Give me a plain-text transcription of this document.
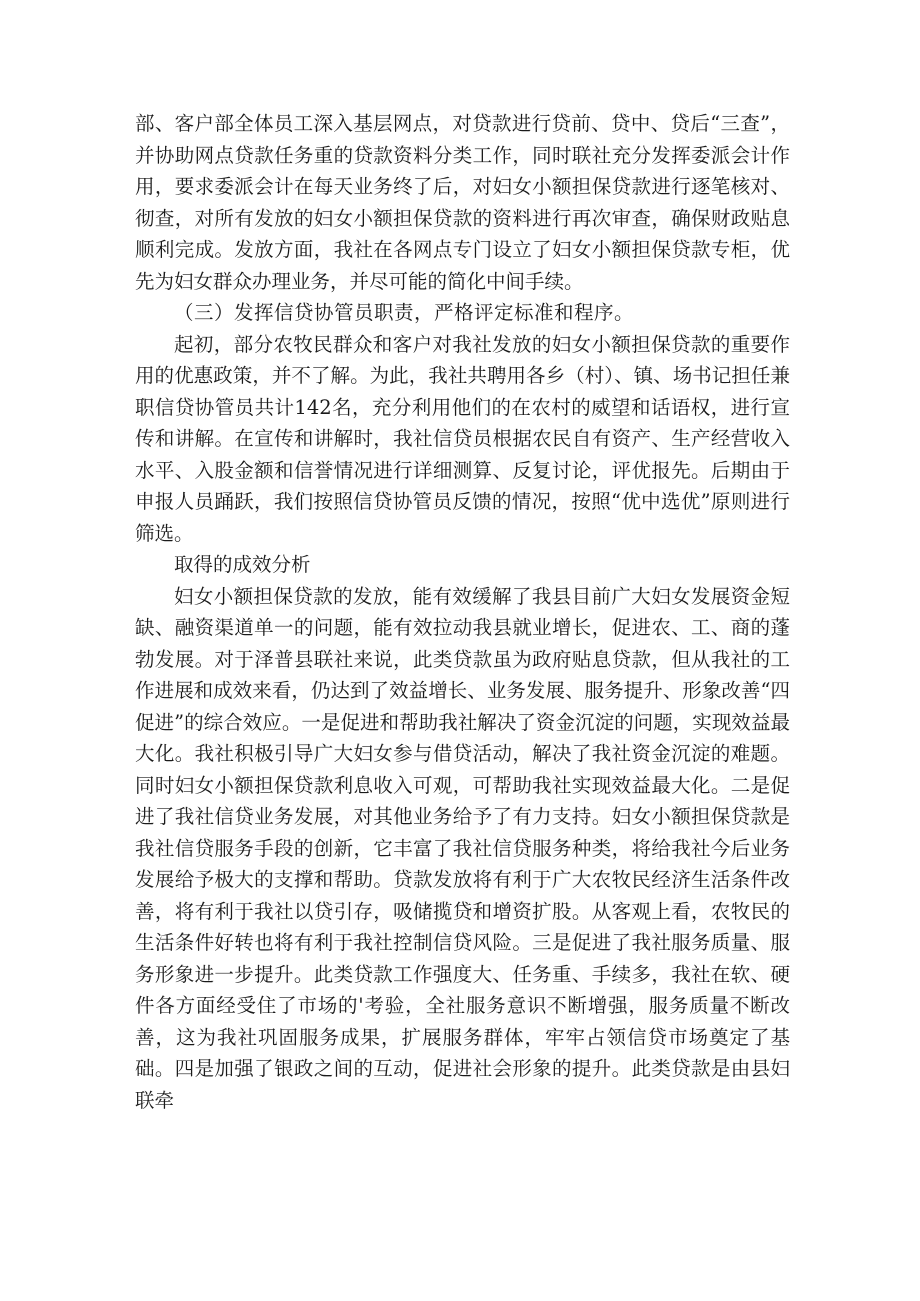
部、客户部全体员工深入基层网点，对贷款进行贷前、贷中、贷后“三查”，并协助网点贷款任务重的贷款资料分类工作，同时联社充分发挥委派会计作用，要求委派会计在每天业务终了后，对妇女小额担保贷款进行逐笔核对、彻查，对所有发放的妇女小额担保贷款的资料进行再次审查，确保财政贴息顺利完成。发放方面，我社在各网点专门设立了妇女小额担保贷款专柜，优先为妇女群众办理业务，并尽可能的简化中间手续。

（三）发挥信贷协管员职责，严格评定标准和程序。

起初，部分农牧民群众和客户对我社发放的妇女小额担保贷款的重要作用的优惠政策，并不了解。为此，我社共聘用各乡（村）、镇、场书记担任兼职信贷协管员共计142名，充分利用他们的在农村的威望和话语权，进行宣传和讲解。在宣传和讲解时，我社信贷员根据农民自有资产、生产经营收入水平、入股金额和信誉情况进行详细测算、反复讨论，评优报先。后期由于申报人员踊跃，我们按照信贷协管员反馈的情况，按照“优中选优”原则进行筛选。

取得的成效分析

妇女小额担保贷款的发放，能有效缓解了我县目前广大妇女发展资金短缺、融资渠道单一的问题，能有效拉动我县就业增长，促进农、工、商的蓬勃发展。对于泽普县联社来说，此类贷款虽为政府贴息贷款，但从我社的工作进展和成效来看，仍达到了效益增长、业务发展、服务提升、形象改善“四促进”的综合效应。一是促进和帮助我社解决了资金沉淀的问题，实现效益最大化。我社积极引导广大妇女参与借贷活动，解决了我社资金沉淀的难题。同时妇女小额担保贷款利息收入可观，可帮助我社实现效益最大化。二是促进了我社信贷业务发展，对其他业务给予了有力支持。妇女小额担保贷款是我社信贷服务手段的创新，它丰富了我社信贷服务种类，将给我社今后业务发展给予极大的支撑和帮助。贷款发放将有利于广大农牧民经济生活条件改善，将有利于我社以贷引存，吸储揽贷和增资扩股。从客观上看，农牧民的生活条件好转也将有利于我社控制信贷风险。三是促进了我社服务质量、服务形象进一步提升。此类贷款工作强度大、任务重、手续多，我社在软、硬件各方面经受住了市场的'考验，全社服务意识不断增强，服务质量不断改善，这为我社巩固服务成果，扩展服务群体，牢牢占领信贷市场奠定了基础。四是加强了银政之间的互动，促进社会形象的提升。此类贷款是由县妇联牵
